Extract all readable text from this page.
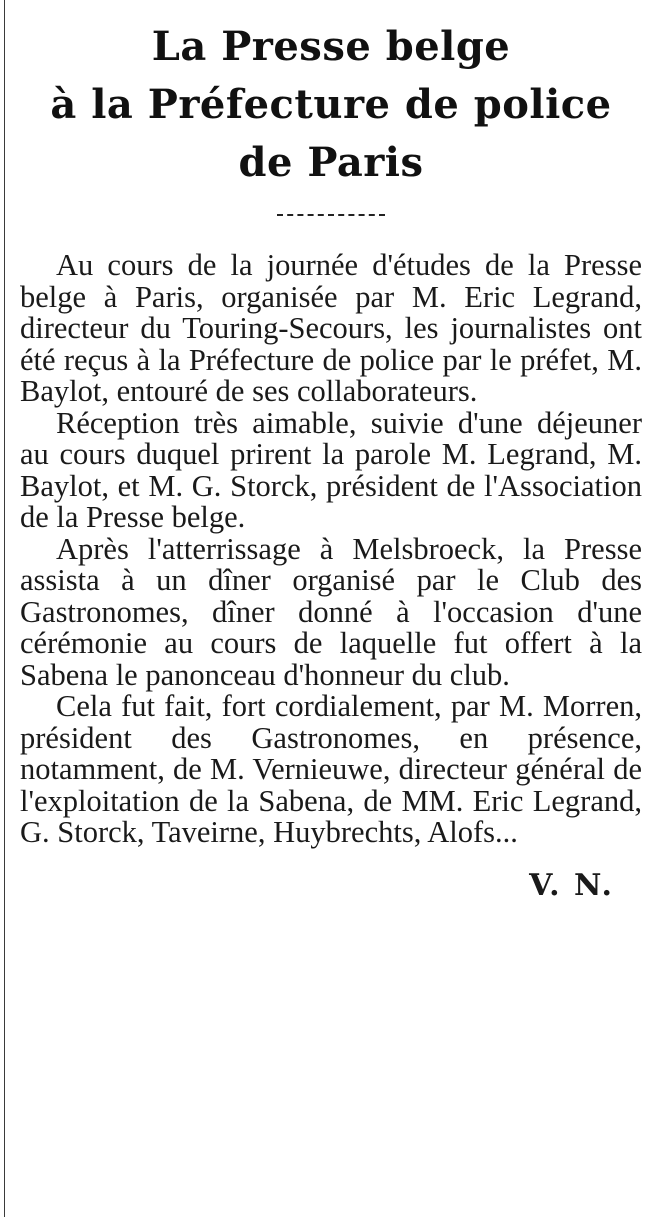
La Presse belge
à la Préfecture de police
de Paris

Au cours de la journée d'études de la Presse belge à Paris, organisée par M. Eric Legrand, directeur du Touring-Secours, les journalistes ont été reçus à la Préfecture de police par le préfet, M. Baylot, entouré de ses collaborateurs.

Réception très aimable, suivie d'une déjeuner au cours duquel prirent la parole M. Legrand, M. Baylot, et M. G. Storck, président de l'Association de la Presse belge.

Après l'atterrissage à Melsbroeck, la Presse assista à un dîner organisé par le Club des Gastronomes, dîner donné à l'occasion d'une cérémonie au cours de laquelle fut offert à la Sabena le panonceau d'honneur du club.

Cela fut fait, fort cordialement, par M. Morren, président des Gastronomes, en présence, notamment, de M. Vernieuwe, directeur général de l'exploitation de la Sabena, de MM. Eric Legrand, G. Storck, Taveirne, Huybrechts, Alofs...

V. N.
